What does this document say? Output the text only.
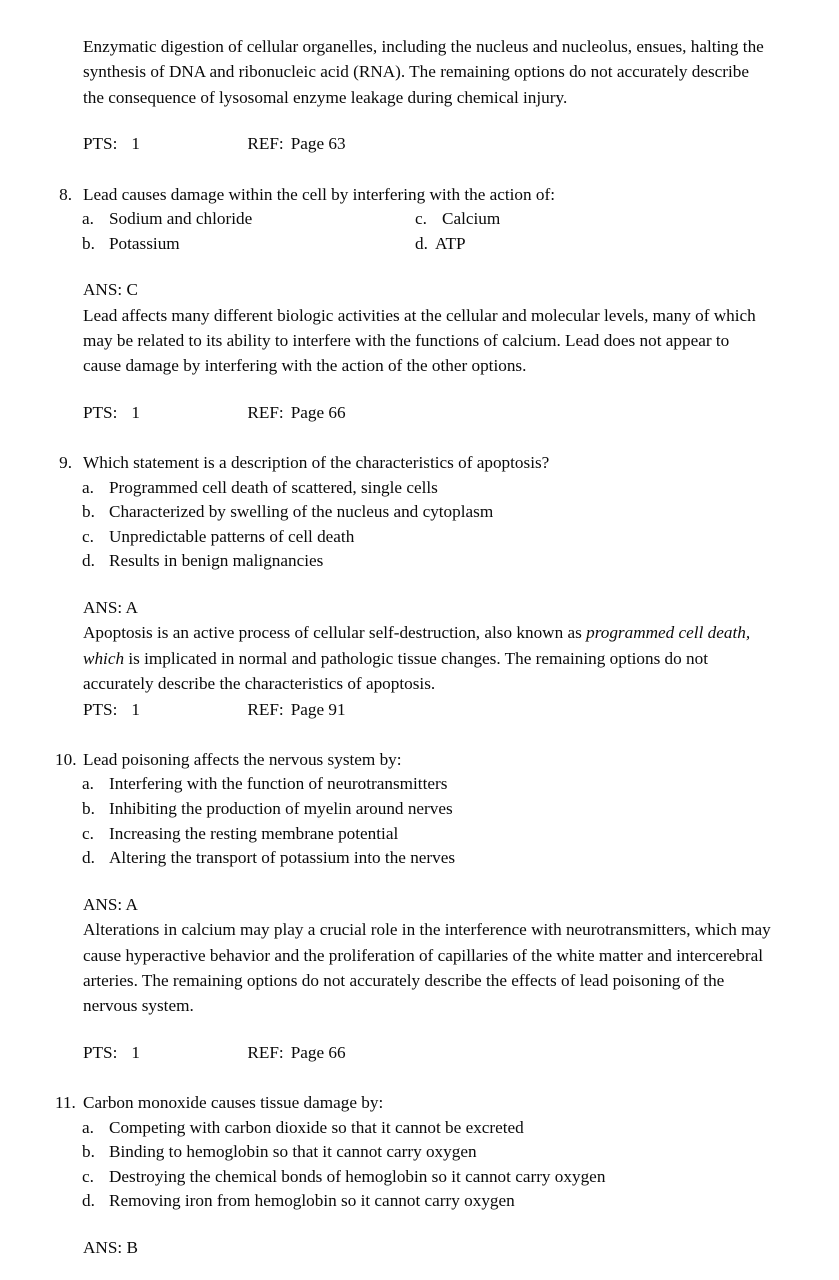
Enzymatic digestion of cellular organelles, including the nucleus and nucleolus, ensues, halting the synthesis of DNA and ribonucleic acid (RNA). The remaining options do not accurately describe the consequence of lysosomal enzyme leakage during chemical injury.

PTS: 1	REF: Page 63
8. Lead causes damage within the cell by interfering with the action of:
a. Sodium and chloride	c. Calcium
b. Potassium	d. ATP
ANS: C

Lead affects many different biologic activities at the cellular and molecular levels, many of which may be related to its ability to interfere with the functions of calcium. Lead does not appear to cause damage by interfering with the action of the other options.

PTS: 1	REF: Page 66
9. Which statement is a description of the characteristics of apoptosis?
a. Programmed cell death of scattered, single cells
b. Characterized by swelling of the nucleus and cytoplasm
c. Unpredictable patterns of cell death
d. Results in benign malignancies
ANS: A

Apoptosis is an active process of cellular self-destruction, also known as programmed cell death, which is implicated in normal and pathologic tissue changes. The remaining options do not accurately describe the characteristics of apoptosis.

PTS: 1	REF: Page 91
10. Lead poisoning affects the nervous system by:
a. Interfering with the function of neurotransmitters
b. Inhibiting the production of myelin around nerves
c. Increasing the resting membrane potential
d. Altering the transport of potassium into the nerves
ANS: A

Alterations in calcium may play a crucial role in the interference with neurotransmitters, which may cause hyperactive behavior and the proliferation of capillaries of the white matter and intercerebral arteries. The remaining options do not accurately describe the effects of lead poisoning of the nervous system.

PTS: 1	REF: Page 66
11. Carbon monoxide causes tissue damage by:
a. Competing with carbon dioxide so that it cannot be excreted
b. Binding to hemoglobin so that it cannot carry oxygen
c. Destroying the chemical bonds of hemoglobin so it cannot carry oxygen
d. Removing iron from hemoglobin so it cannot carry oxygen
ANS: B
